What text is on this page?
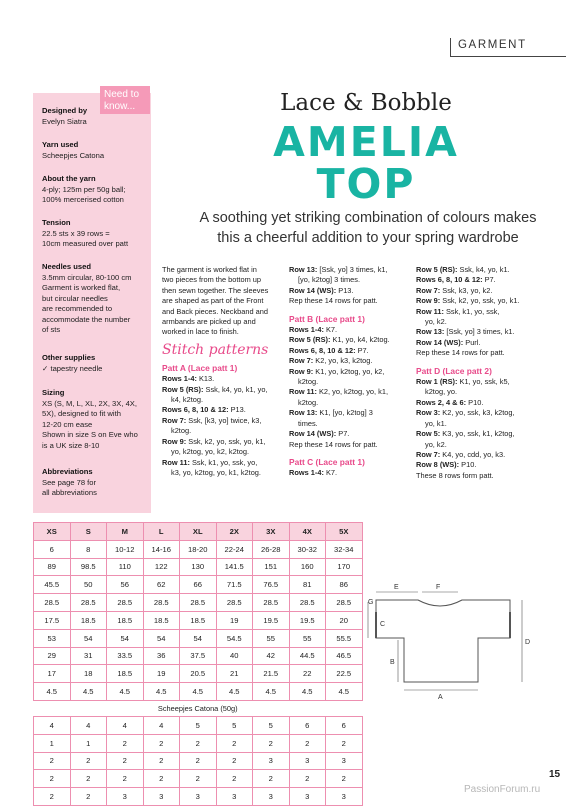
GARMENT
Need to know...
Designed by
Evelyn Siatra
Yarn used
Scheepjes Catona
About the yarn
4-ply; 125m per 50g ball;
100% mercerised cotton
Tension
22.5 sts x 39 rows =
10cm measured over patt
Needles used
3.5mm circular, 80-100 cm
Garment is worked flat,
but circular needles
are recommended to
accommodate the number
of sts
Other supplies
✓ tapestry needle
Sizing
XS (S, M, L, XL, 2X, 3X, 4X,
5X), designed to fit with
12-20 cm ease
Shown in size S on Eve who
is a UK size 8-10
Abbreviations
See page 78 for
all abbreviations
Lace & Bobble
AMELIA
TOP
A soothing yet striking combination of colours makes
this a cheerful addition to your spring wardrobe

The garment is worked flat in

two pieces from the bottom up

then sewn together. The sleeves

are shaped as part of the Front

and Back pieces. Neckband and

armbands are picked up and

worked in lace to finish.

Stitch patterns

Patt A (Lace patt 1)

Rows 1-4: K13.

Row 5 (RS): Ssk, k4, yo, k1, yo,

k4, k2tog.

Rows 6, 8, 10 & 12: P13.

Row 7: Ssk, [k3, yo] twice, k3,

k2tog.

Row 9: Ssk, k2, yo, ssk, yo, k1,

yo, k2tog, yo, k2, k2tog.

Row 11: Ssk, k1, yo, ssk, yo,

k3, yo, k2tog, yo, k1, k2tog.

Row 13: [Ssk, yo] 3 times, k1,

[yo, k2tog] 3 times.

Row 14 (WS): P13.

Rep these 14 rows for patt.

Patt B (Lace patt 1)

Rows 1-4: K7.

Row 5 (RS): K1, yo, k4, k2tog.

Rows 6, 8, 10 & 12: P7.

Row 7: K2, yo, k3, k2tog.

Row 9: K1, yo, k2tog, yo, k2,

k2tog.

Row 11: K2, yo, k2tog, yo, k1,

k2tog.

Row 13: K1, [yo, k2tog] 3

times.

Row 14 (WS): P7.

Rep these 14 rows for patt.

Patt C (Lace patt 1)

Rows 1-4: K7.

Row 5 (RS): Ssk, k4, yo, k1.

Rows 6, 8, 10 & 12: P7.

Row 7: Ssk, k3, yo, k2.

Row 9: Ssk, k2, yo, ssk, yo, k1.

Row 11: Ssk, k1, yo, ssk,

yo, k2.

Row 13: [Ssk, yo] 3 times, k1.

Row 14 (WS): Purl.

Rep these 14 rows for patt.

Patt D (Lace patt 2)

Row 1 (RS): K1, yo, ssk, k5,

k2tog, yo.

Rows 2, 4 & 6: P10.

Row 3: K2, yo, ssk, k3, k2tog,

yo, k1.

Row 5: K3, yo, ssk, k1, k2tog,

yo, k2.

Row 7: K4, yo, cdd, yo, k3.

Row 8 (WS): P10.

These 8 rows form patt.

XS	S	M	L	XL	2X	3X	4X	5X
6	8	10-12	14-16	18-20	22-24	26-28	30-32	32-34
89	98.5	110	122	130	141.5	151	160	170
45.5	50	56	62	66	71.5	76.5	81	86
28.5	28.5	28.5	28.5	28.5	28.5	28.5	28.5	28.5
17.5	18.5	18.5	18.5	18.5	19	19.5	19.5	20
53	54	54	54	54	54.5	55	55	55.5
29	31	33.5	36	37.5	40	42	44.5	46.5
17	18	18.5	19	20.5	21	21.5	22	22.5
4.5	4.5	4.5	4.5	4.5	4.5	4.5	4.5	4.5
Scheepjes Catona (50g)								
4	4	4	4	5	5	5	6	6
1	1	2	2	2	2	2	2	2
2	2	2	2	2	2	3	3	3
2	2	2	2	2	2	2	2	2
2	2	3	3	3	3	3	3	3
E	F
G
C
B
A
D
15
PassionForum.ru
